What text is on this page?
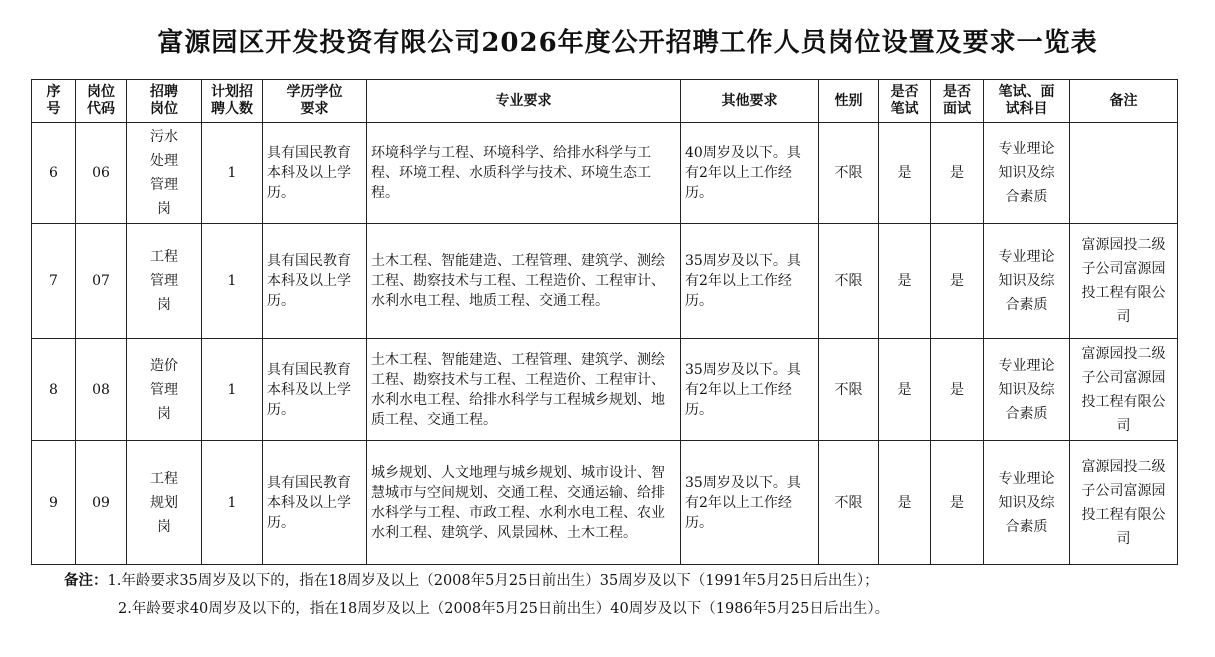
富源园区开发投资有限公司2026年度公开招聘工作人员岗位设置及要求一览表
序号	岗位代码	招聘岗位	计划招聘人数	学历学位要求	专业要求	其他要求	性别	是否笔试	是否面试	笔试、面试科目	备注
6	06	污水处理管理岗	1	具有国民教育本科及以上学历。	环境科学与工程、环境科学、给排水科学与工程、环境工程、水质科学与技术、环境生态工程。	40周岁及以下。具有2年以上工作经历。	不限	是	是	专业理论知识及综合素质	
7	07	工程管理岗	1	具有国民教育本科及以上学历。	土木工程、智能建造、工程管理、建筑学、测绘工程、勘察技术与工程、工程造价、工程审计、水利水电工程、地质工程、交通工程。	35周岁及以下。具有2年以上工作经历。	不限	是	是	专业理论知识及综合素质	富源园投二级子公司富源园投工程有限公司
8	08	造价管理岗	1	具有国民教育本科及以上学历。	土木工程、智能建造、工程管理、建筑学、测绘工程、勘察技术与工程、工程造价、工程审计、水利水电工程、给排水科学与工程城乡规划、地质工程、交通工程。	35周岁及以下。具有2年以上工作经历。	不限	是	是	专业理论知识及综合素质	富源园投二级子公司富源园投工程有限公司
9	09	工程规划岗	1	具有国民教育本科及以上学历。	城乡规划、人文地理与城乡规划、城市设计、智慧城市与空间规划、交通工程、交通运输、给排水科学与工程、市政工程、水利水电工程、农业水利工程、建筑学、风景园林、土木工程。	35周岁及以下。具有2年以上工作经历。	不限	是	是	专业理论知识及综合素质	富源园投二级子公司富源园投工程有限公司
备注：1.年龄要求35周岁及以下的，指在18周岁及以上（2008年5月25日前出生）35周岁及以下（1991年5月25日后出生）；
2.年龄要求40周岁及以下的，指在18周岁及以上（2008年5月25日前出生）40周岁及以下（1986年5月25日后出生）。
